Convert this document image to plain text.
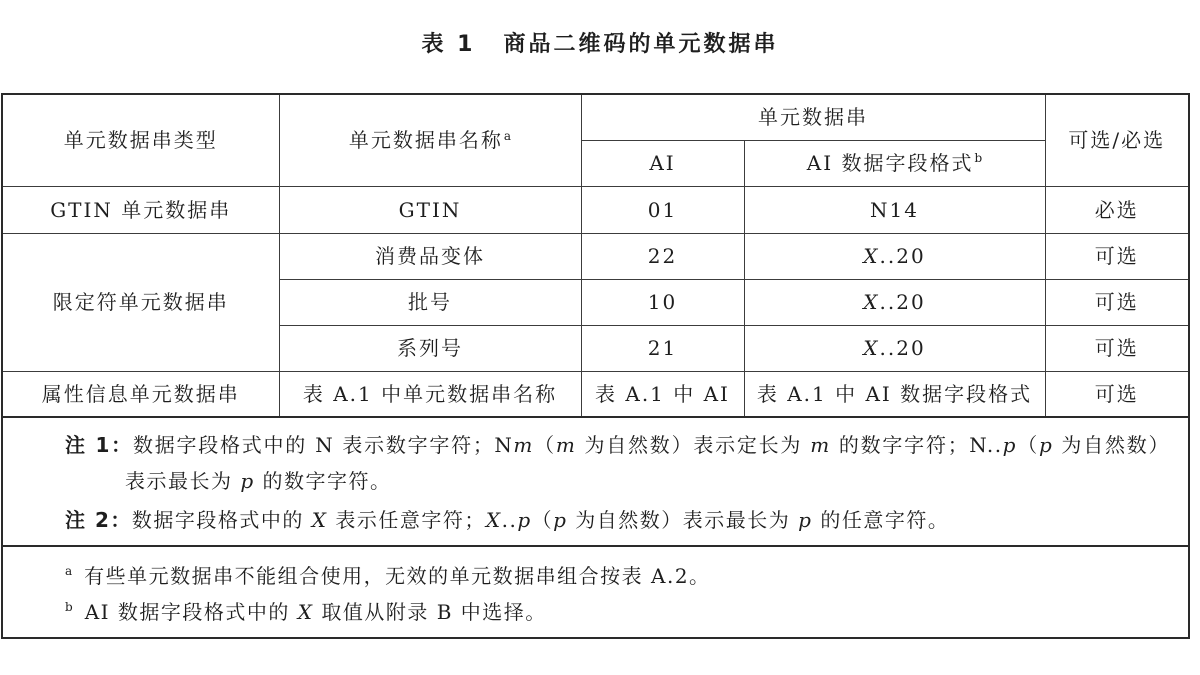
表 1 商品二维码的单元数据串
单元数据串类型	单元数据串名称$^a$	单元数据串		可选/必选
		AI	AI 数据字段格式$^b$
GTIN 单元数据串	GTIN	01	N14	必选
限定符单元数据串	消费品变体	22	X..20	可选
	批号	10	X..20	可选
	系列号	21	X..20	可选
属性信息单元数据串	表 A.1 中单元数据串名称	表 A.1 中 AI	表 A.1 中 AI 数据字段格式	可选

注 1：数据字段格式中的 N 表示数字字符；Nm（m 为自然数）表示定长为 m 的数字字符；N..p（p 为自然数）表示最长为 p 的数字字符。

注 2：数据字段格式中的 X 表示任意字符；X..p（p 为自然数）表示最长为 p 的任意字符。				

$^a$ 有些单元数据串不能组合使用，无效的单元数据串组合按表 A.2。

$^b$ AI 数据字段格式中的 X 取值从附录 B 中选择。				
